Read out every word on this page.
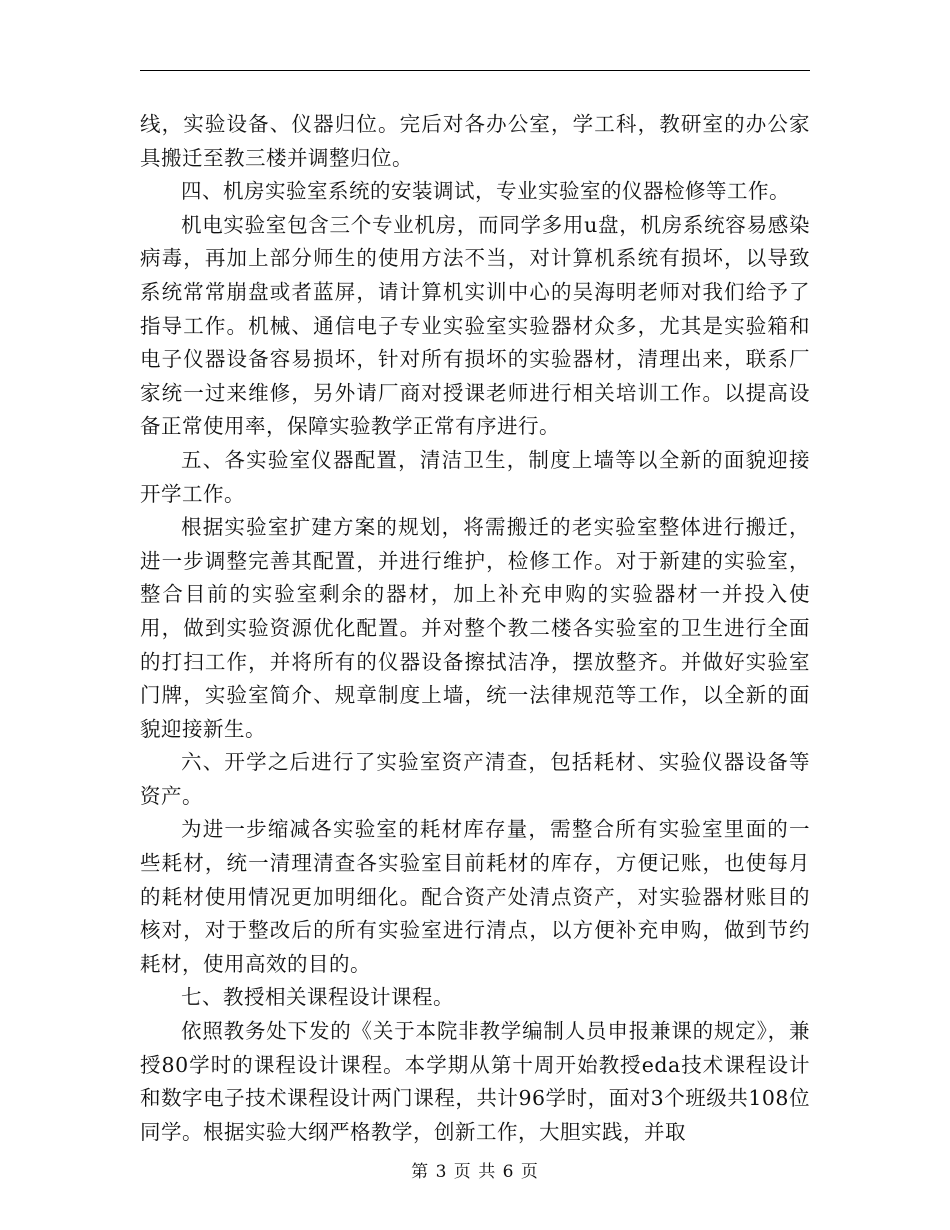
线，实验设备、仪器归位。完后对各办公室，学工科，教研室的办公家具搬迁至教三楼并调整归位。

四、机房实验室系统的安装调试，专业实验室的仪器检修等工作。

机电实验室包含三个专业机房，而同学多用u盘，机房系统容易感染病毒，再加上部分师生的使用方法不当，对计算机系统有损坏，以导致系统常常崩盘或者蓝屏，请计算机实训中心的吴海明老师对我们给予了指导工作。机械、通信电子专业实验室实验器材众多，尤其是实验箱和电子仪器设备容易损坏，针对所有损坏的实验器材，清理出来，联系厂家统一过来维修，另外请厂商对授课老师进行相关培训工作。以提高设备正常使用率，保障实验教学正常有序进行。

五、各实验室仪器配置，清洁卫生，制度上墙等以全新的面貌迎接开学工作。

根据实验室扩建方案的规划，将需搬迁的老实验室整体进行搬迁，进一步调整完善其配置，并进行维护，检修工作。对于新建的实验室，整合目前的实验室剩余的器材，加上补充申购的实验器材一并投入使用，做到实验资源优化配置。并对整个教二楼各实验室的卫生进行全面的打扫工作，并将所有的仪器设备擦拭洁净，摆放整齐。并做好实验室门牌，实验室简介、规章制度上墙，统一法律规范等工作，以全新的面貌迎接新生。

六、开学之后进行了实验室资产清查，包括耗材、实验仪器设备等资产。

为进一步缩减各实验室的耗材库存量，需整合所有实验室里面的一些耗材，统一清理清查各实验室目前耗材的库存，方便记账，也使每月的耗材使用情况更加明细化。配合资产处清点资产，对实验器材账目的核对，对于整改后的所有实验室进行清点，以方便补充申购，做到节约耗材，使用高效的目的。

七、教授相关课程设计课程。

依照教务处下发的《关于本院非教学编制人员申报兼课的规定》，兼授80学时的课程设计课程。本学期从第十周开始教授eda技术课程设计和数字电子技术课程设计两门课程，共计96学时，面对3个班级共108位同学。根据实验大纲严格教学，创新工作，大胆实践，并取

第 3 页 共 6 页
